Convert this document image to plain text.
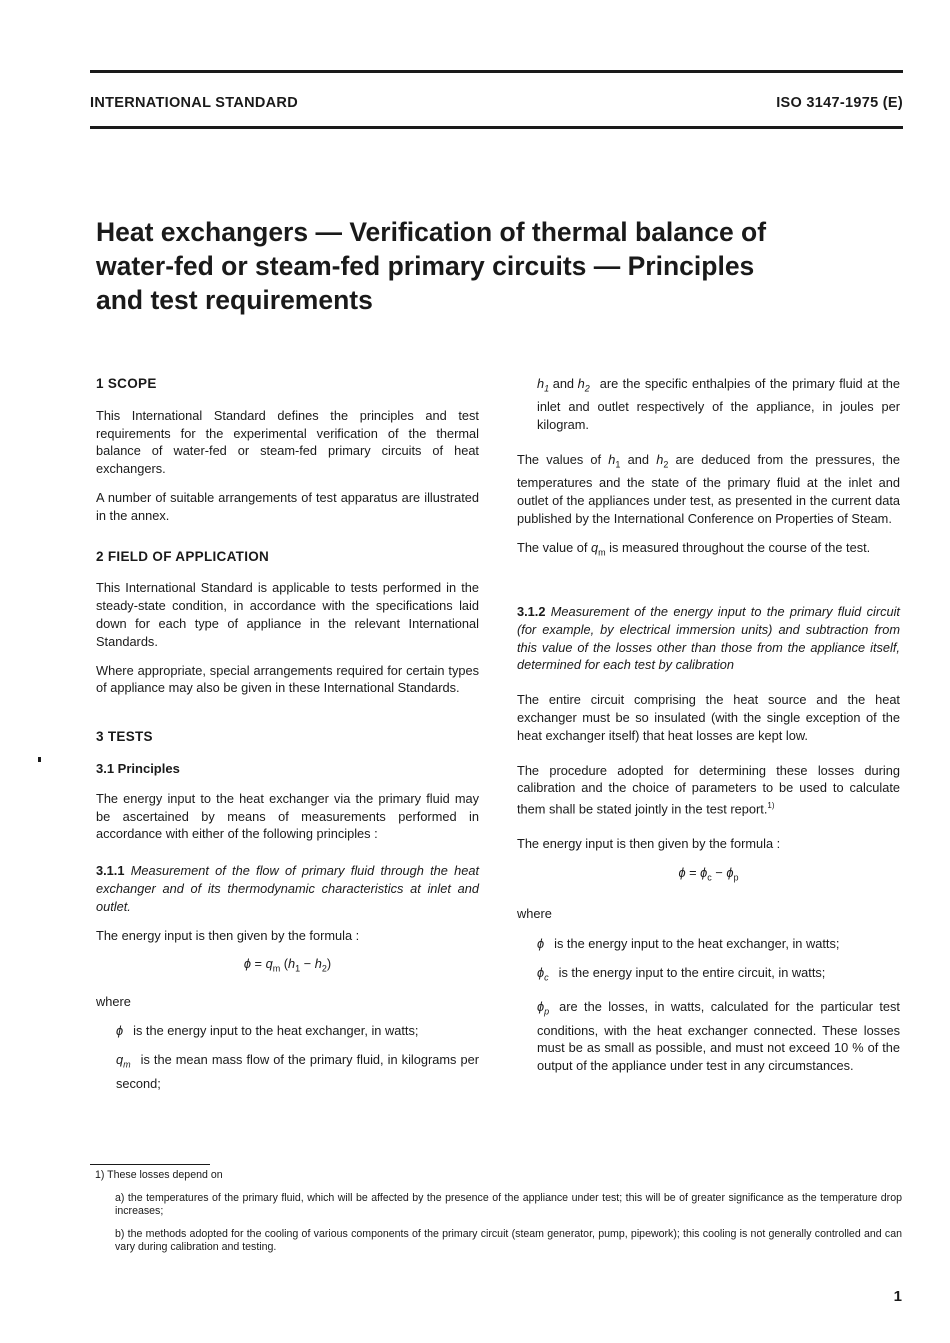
INTERNATIONAL STANDARD	ISO 3147-1975 (E)
Heat exchangers — Verification of thermal balance of
water-fed or steam-fed primary circuits — Principles
and test requirements
1 SCOPE

This International Standard defines the principles and test requirements for the experimental verification of the thermal balance of water-fed or steam-fed primary circuits of heat exchangers.

A number of suitable arrangements of test apparatus are illustrated in the annex.

2 FIELD OF APPLICATION

This International Standard is applicable to tests performed in the steady-state condition, in accordance with the specifications laid down for each type of appliance in the relevant International Standards.

Where appropriate, special arrangements required for certain types of appliance may also be given in these International Standards.

3 TESTS
3.1 Principles

The energy input to the heat exchanger via the primary fluid may be ascertained by means of measurements performed in accordance with either of the following principles :

3.1.1 Measurement of the flow of primary fluid through the heat exchanger and of its thermodynamic characteristics at inlet and outlet.

The energy input is then given by the formula :

$\phi = q_m$ $(h_1 - h_2)$

where

ϕ is the energy input to the heat exchanger, in watts;

$q_m$ is the mean mass flow of the primary fluid, in kilograms per second;

$h_1$ and $h_2$ are the specific enthalpies of the primary fluid at the inlet and outlet respectively of the appliance, in joules per kilogram.

The values of $h_1$ and $h_2$ are deduced from the pressures, the temperatures and the state of the primary fluid at the inlet and outlet of the appliances under test, as presented in the current data published by the International Conference on Properties of Steam.

The value of $q_m$ is measured throughout the course of the test.

3.1.2 Measurement of the energy input to the primary fluid circuit (for example, by electrical immersion units) and subtraction from this value of the losses other than those from the appliance itself, determined for each test by calibration

The entire circuit comprising the heat source and the heat exchanger must be so insulated (with the single exception of the heat exchanger itself) that heat losses are kept low.

The procedure adopted for determining these losses during calibration and the choice of parameters to be used to calculate them shall be stated jointly in the test report.$^{1)}$

The energy input is then given by the formula :

$\phi = \phi_c - \phi_p$

where

ϕ is the energy input to the heat exchanger, in watts;

$\phi_c$ is the energy input to the entire circuit, in watts;

$\phi_p$ are the losses, in watts, calculated for the particular test conditions, with the heat exchanger connected. These losses must be as small as possible, and must not exceed 10 % of the output of the appliance under test in any circumstances.

1) These losses depend on

a) the temperatures of the primary fluid, which will be affected by the presence of the appliance under test; this will be of greater significance as the temperature drop increases;

b) the methods adopted for the cooling of various components of the primary circuit (steam generator, pump, pipework); this cooling is not generally controlled and can vary during calibration and testing.

1
